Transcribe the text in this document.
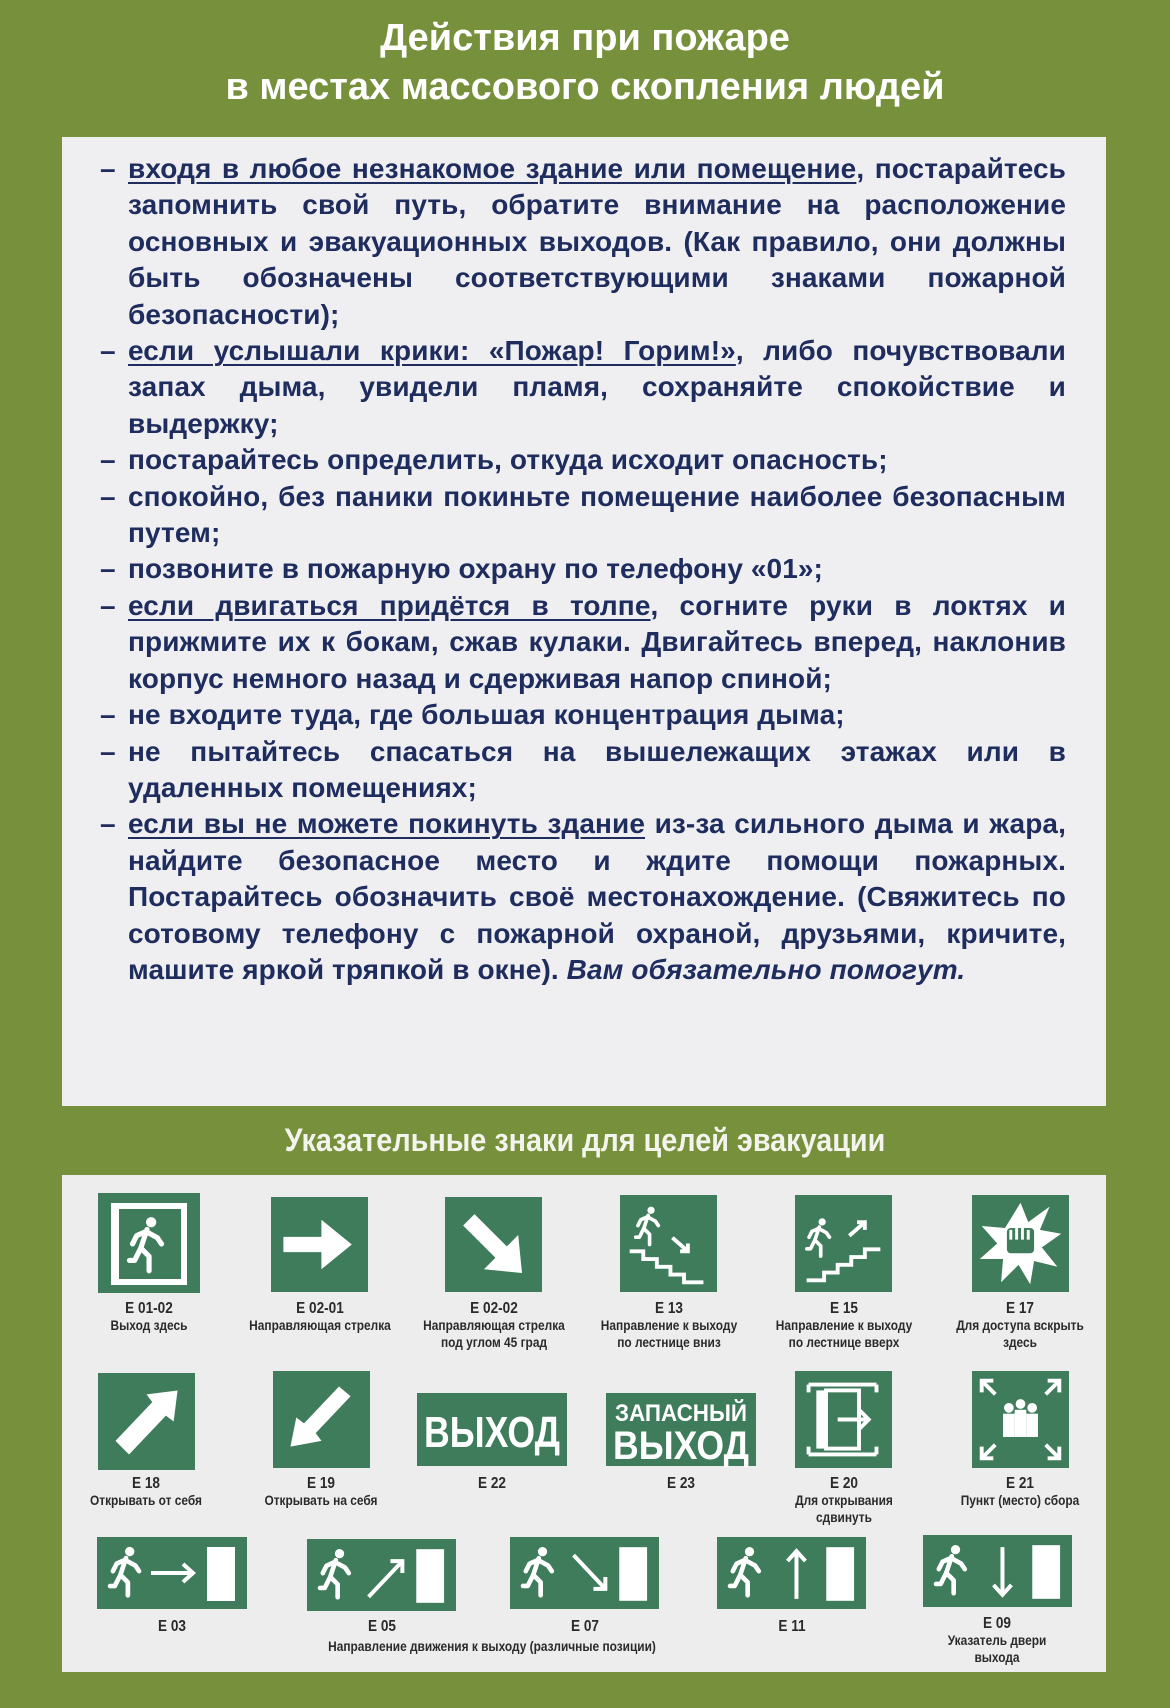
Действия при пожаре
в местах массового скопления людей
– входя в любое незнакомое здание или помещение, постарайтесь запомнить свой путь, обратите внимание на расположение основных и эвакуационных выходов. (Как правило, они должны быть обозначены соответствующими знаками пожарной безопасности);
– если услышали крики: «Пожар! Горим!», либо почувствовали запах дыма, увидели пламя, сохраняйте спокойствие и выдержку;
– постарайтесь определить, откуда исходит опасность;
– спокойно, без паники покиньте помещение наиболее безопасным путем;
– позвоните в пожарную охрану по телефону «01»;
– если двигаться придётся в толпе, согните руки в локтях и прижмите их к бокам, сжав кулаки. Двигайтесь вперед, наклонив корпус немного назад и сдерживая напор спиной;
– не входите туда, где большая концентрация дыма;
– не пытайтесь спасаться на вышележащих этажах или в удаленных помещениях;
– если вы не можете покинуть здание из-за сильного дыма и жара, найдите безопасное место и ждите помощи пожарных. Постарайтесь обозначить своё местонахождение. (Свяжитесь по сотовому телефону с пожарной охраной, друзьями, кричите, машите яркой тряпкой в окне). Вам обязательно помогут.
Указательные знаки для целей эвакуации
E 01-02
Выход здесь
E 02-01
Направляющая стрелка
E 02-02
Направляющая стрелка под углом 45 град
E 13
Направление к выходу по лестнице вниз
E 15
Направление к выходу по лестнице вверх
E 17
Для доступа вскрыть здесь
E 18
Открывать от себя
E 19
Открывать на себя
ВЫХОД
E 22
ЗАПАСНЫЙ
ВЫХОД
E 23	E 20
Для открывания сдвинуть
E 21
Пункт (место) сбора
E 03	E 05	E 07	E 11	E 09
Указатель двери выхода
Направление движения к выходу (различные позиции)
